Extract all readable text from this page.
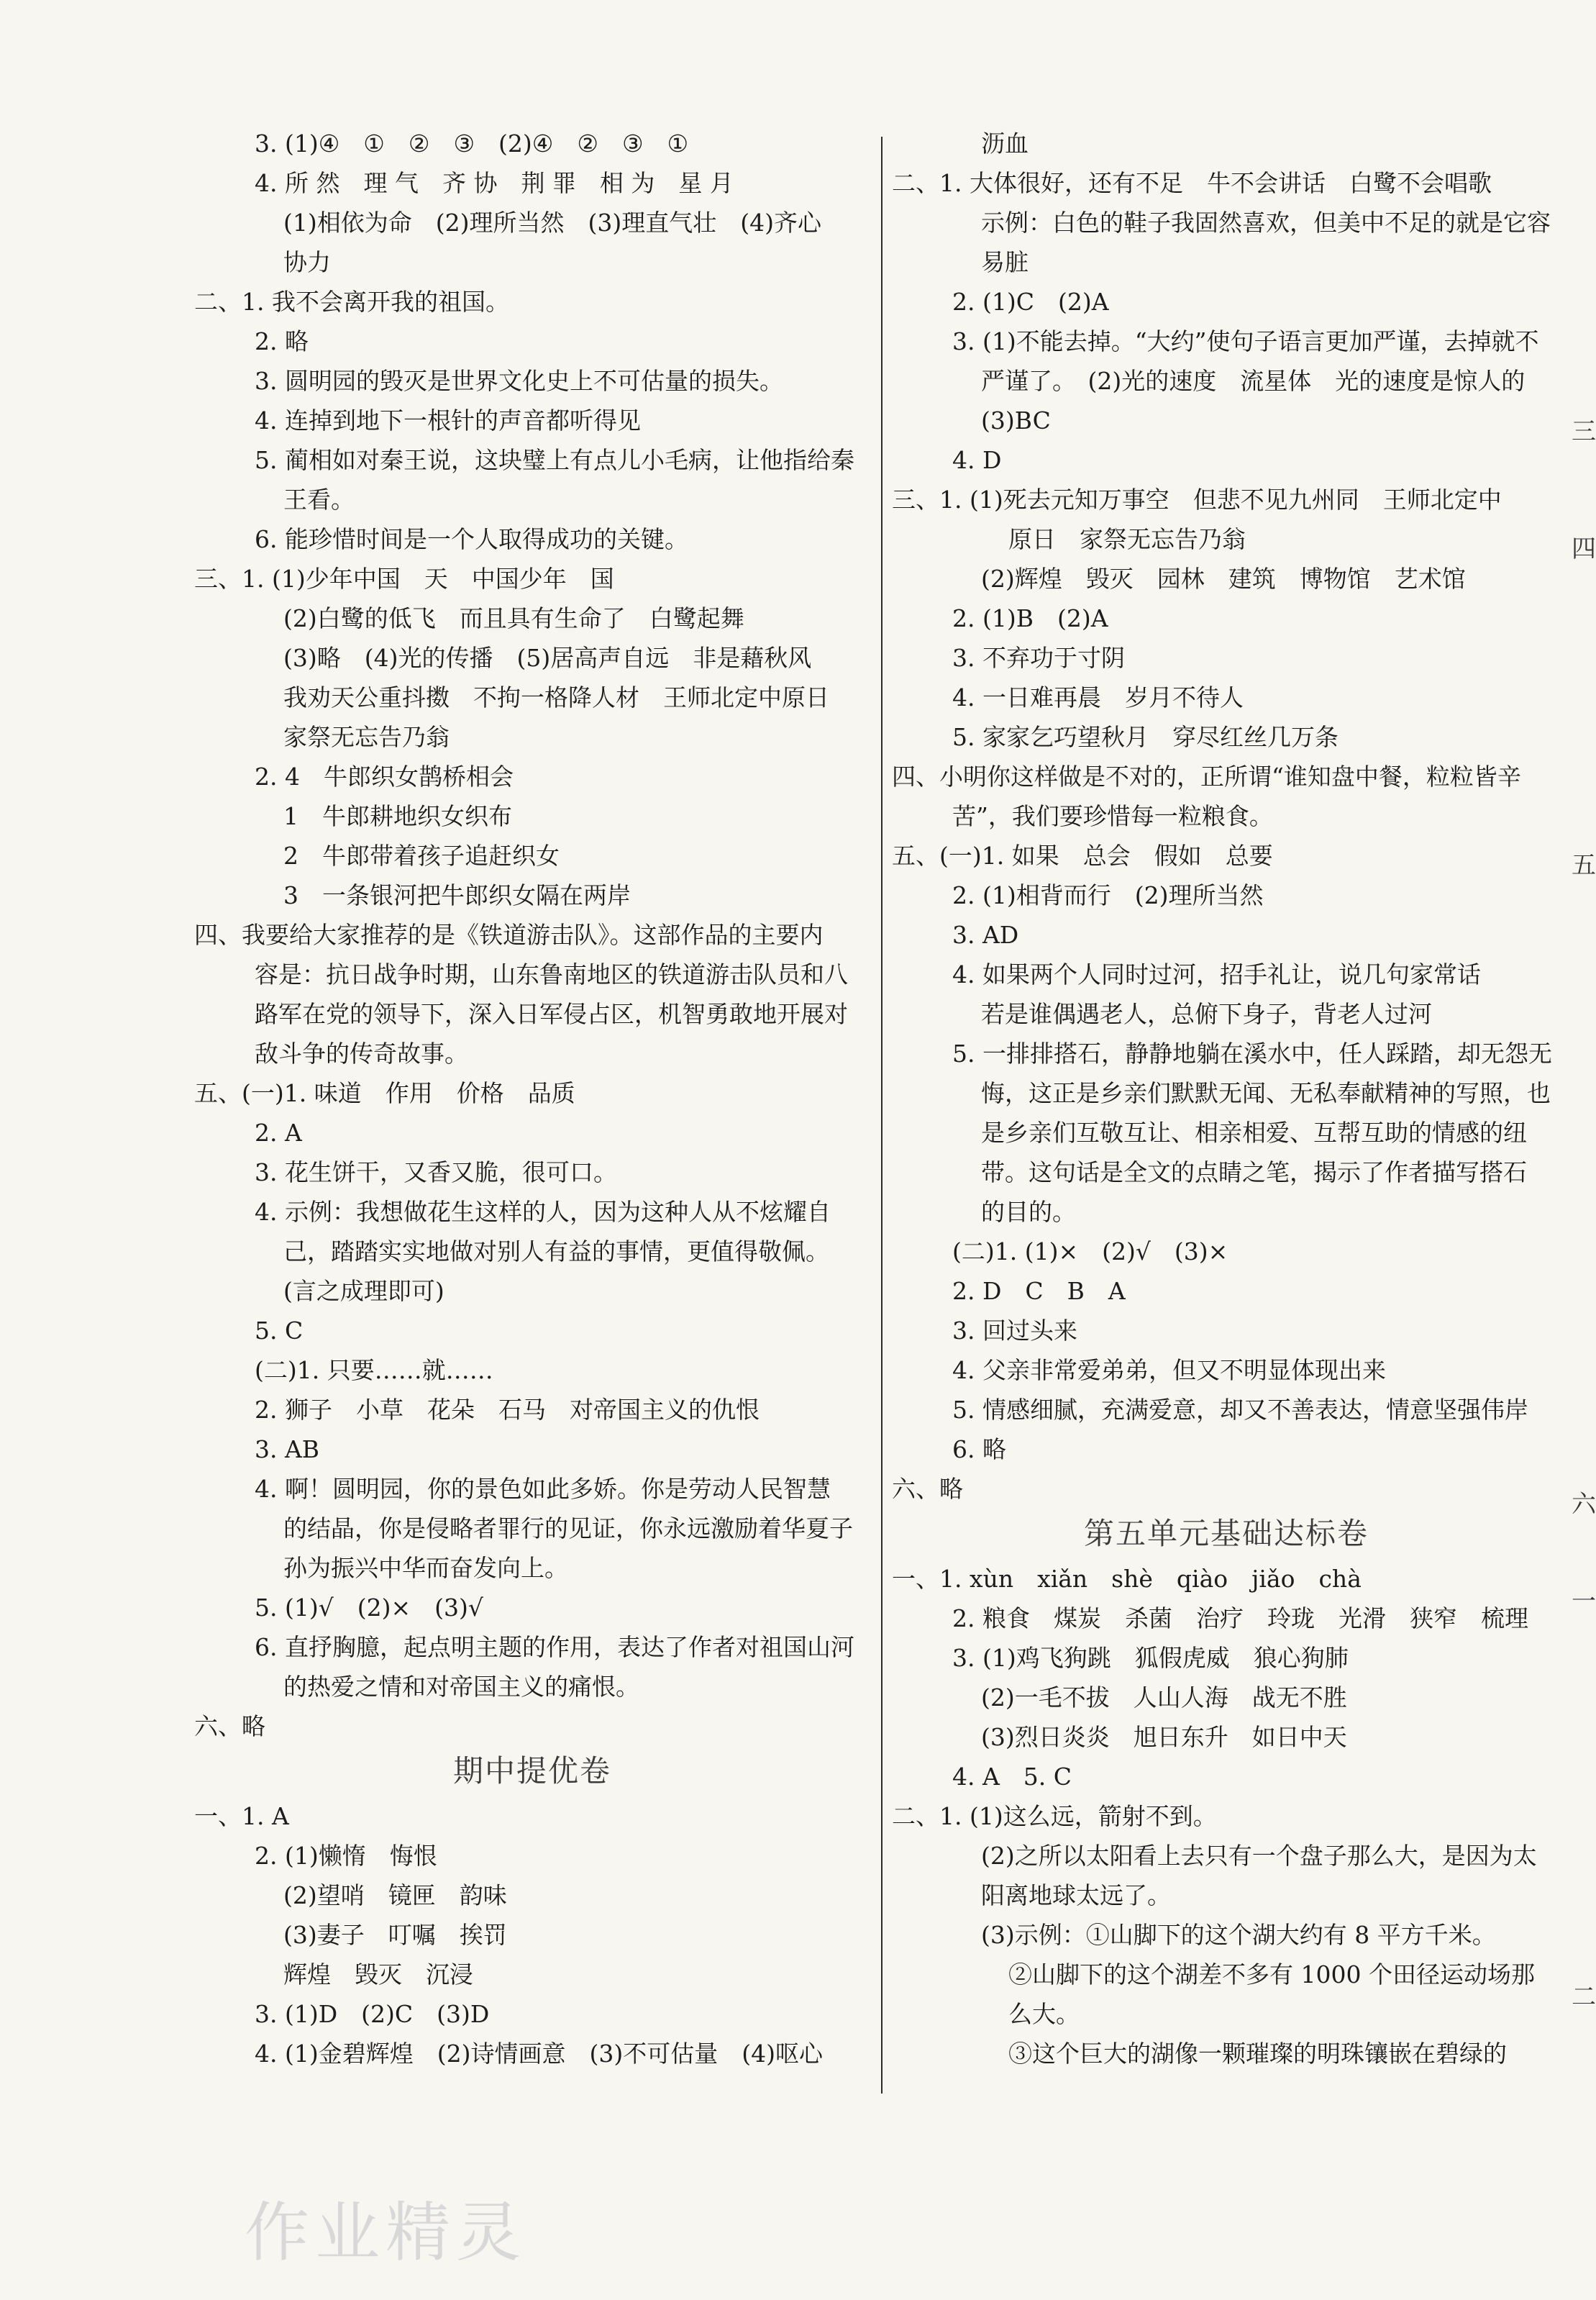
3. (1)④　①　②　③　(2)④　②　③　①
4. 所 然　理 气　齐 协　荆 罪　相 为　星 月
(1)相依为命　(2)理所当然　(3)理直气壮　(4)齐心
协力
二、1. 我不会离开我的祖国。
2. 略
3. 圆明园的毁灭是世界文化史上不可估量的损失。
4. 连掉到地下一根针的声音都听得见
5. 蔺相如对秦王说，这块璧上有点儿小毛病，让他指给秦
王看。
6. 能珍惜时间是一个人取得成功的关键。
三、1. (1)少年中国　天　中国少年　国
(2)白鹭的低飞　而且具有生命了　白鹭起舞
(3)略　(4)光的传播　(5)居高声自远　非是藉秋风
我劝天公重抖擞　不拘一格降人材　王师北定中原日
家祭无忘告乃翁
2. 4　牛郎织女鹊桥相会
1　牛郎耕地织女织布
2　牛郎带着孩子追赶织女
3　一条银河把牛郎织女隔在两岸
四、我要给大家推荐的是《铁道游击队》。这部作品的主要内
容是：抗日战争时期，山东鲁南地区的铁道游击队员和八
路军在党的领导下，深入日军侵占区，机智勇敢地开展对
敌斗争的传奇故事。
五、(一)1. 味道　作用　价格　品质
2. A
3. 花生饼干，又香又脆，很可口。
4. 示例：我想做花生这样的人，因为这种人从不炫耀自
己，踏踏实实地做对别人有益的事情，更值得敬佩。
(言之成理即可)
5. C
(二)1. 只要……就……
2. 狮子　小草　花朵　石马　对帝国主义的仇恨
3. AB
4. 啊！圆明园，你的景色如此多娇。你是劳动人民智慧
的结晶，你是侵略者罪行的见证，你永远激励着华夏子
孙为振兴中华而奋发向上。
5. (1)√　(2)×　(3)√
6. 直抒胸臆，起点明主题的作用，表达了作者对祖国山河
的热爱之情和对帝国主义的痛恨。
六、略
期中提优卷
一、1. A
2. (1)懒惰　悔恨
(2)望哨　镜匣　韵味
(3)妻子　叮嘱　挨罚
辉煌　毁灭　沉浸
3. (1)D　(2)C　(3)D
4. (1)金碧辉煌　(2)诗情画意　(3)不可估量　(4)呕心
沥血
二、1. 大体很好，还有不足　牛不会讲话　白鹭不会唱歌
示例：白色的鞋子我固然喜欢，但美中不足的就是它容
易脏
2. (1)C　(2)A
3. (1)不能去掉。“大约”使句子语言更加严谨，去掉就不
严谨了。　(2)光的速度　流星体　光的速度是惊人的
(3)BC
4. D
三、1. (1)死去元知万事空　但悲不见九州同　王师北定中
原日　家祭无忘告乃翁
(2)辉煌　毁灭　园林　建筑　博物馆　艺术馆
2. (1)B　(2)A
3. 不弃功于寸阴
4. 一日难再晨　岁月不待人
5. 家家乞巧望秋月　穿尽红丝几万条
四、小明你这样做是不对的，正所谓“谁知盘中餐，粒粒皆辛
苦”，我们要珍惜每一粒粮食。
五、(一)1. 如果　总会　假如　总要
2. (1)相背而行　(2)理所当然
3. AD
4. 如果两个人同时过河，招手礼让，说几句家常话
若是谁偶遇老人，总俯下身子，背老人过河
5. 一排排搭石，静静地躺在溪水中，任人踩踏，却无怨无
悔，这正是乡亲们默默无闻、无私奉献精神的写照，也
是乡亲们互敬互让、相亲相爱、互帮互助的情感的纽
带。这句话是全文的点睛之笔，揭示了作者描写搭石
的目的。
(二)1. (1)×　(2)√　(3)×
2. D　C　B　A
3. 回过头来
4. 父亲非常爱弟弟，但又不明显体现出来
5. 情感细腻，充满爱意，却又不善表达，情意坚强伟岸
6. 略
六、略
第五单元基础达标卷
一、1. xùn　xiǎn　shè　qiào　jiǎo　chà
2. 粮食　煤炭　杀菌　治疗　玲珑　光滑　狭窄　梳理
3. (1)鸡飞狗跳　狐假虎威　狼心狗肺
(2)一毛不拔　人山人海　战无不胜
(3)烈日炎炎　旭日东升　如日中天
4. A　5. C
二、1. (1)这么远，箭射不到。
(2)之所以太阳看上去只有一个盘子那么大，是因为太
阳离地球太远了。
(3)示例：①山脚下的这个湖大约有 8 平方千米。
②山脚下的这个湖差不多有 1000 个田径运动场那
么大。
③这个巨大的湖像一颗璀璨的明珠镶嵌在碧绿的
三
四
五
六
一
二
作业精灵
